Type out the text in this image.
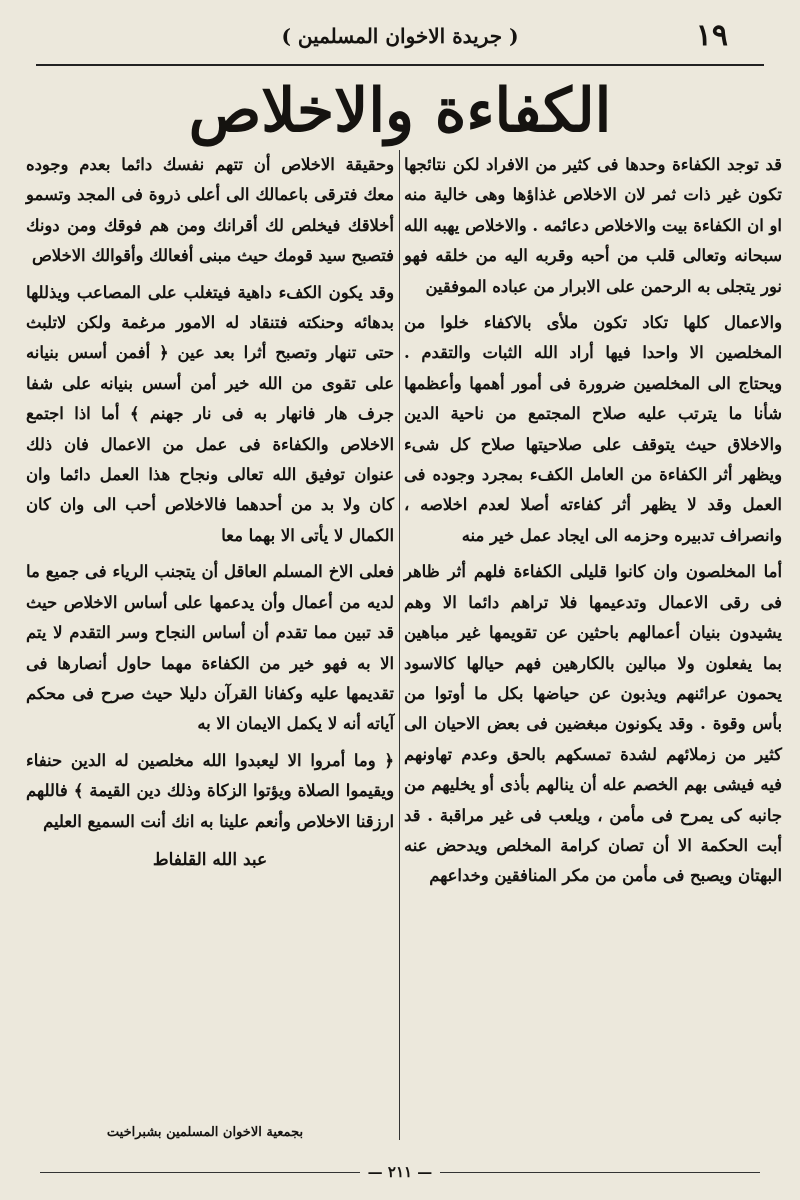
١٩
( جريدة الاخوان المسلمين )
الكفاءة والاخلاص

قد توجد الكفاءة وحدها فى كثير من الافراد لكن نتائجها تكون غير ذات ثمر لان الاخلاص غذاؤها وهى خالية منه او ان الكفاءة بيت والاخلاص دعائمه . والاخلاص يهبه الله سبحانه وتعالى قلب من أحبه وقربه اليه من خلقه فهو نور يتجلى به الرحمن على الابرار من عباده الموفقين

والاعمال كلها تكاد تكون ملأى بالاكفاء خلوا من المخلصين الا واحدا فيها أراد الله الثبات والتقدم . ويحتاج الى المخلصين ضرورة فى أمور أهمها وأعظمها شأنا ما يترتب عليه صلاح المجتمع من ناحية الدين والاخلاق حيث يتوقف على صلاحيتها صلاح كل شىء ويظهر أثر الكفاءة من العامل الكفء بمجرد وجوده فى العمل وقد لا يظهر أثر كفاءته أصلا لعدم اخلاصه ، وانصراف تدبيره وحزمه الى ايجاد عمل خير منه

أما المخلصون وان كانوا قليلى الكفاءة فلهم أثر ظاهر فى رقى الاعمال وتدعيمها فلا تراهم دائما الا وهم يشيدون بنيان أعمالهم باحثين عن تقويمها غير مباهين بما يفعلون ولا مبالين بالكارهين فهم حيالها كالاسود يحمون عرائنهم ويذبون عن حياضها بكل ما أوتوا من بأس وقوة . وقد يكونون مبغضين فى بعض الاحيان الى كثير من زملائهم لشدة تمسكهم بالحق وعدم تهاونهم فيه فيشى بهم الخصم عله أن ينالهم بأذى أو يخليهم من جانبه كى يمرح فى مأمن ، ويلعب فى غير مراقبة . قد أبت الحكمة الا أن تصان كرامة المخلص ويدحض عنه البهتان ويصبح فى مأمن من مكر المنافقين وخداعهم

وحقيقة الاخلاص أن تتهم نفسك دائما بعدم وجوده معك فترقى باعمالك الى أعلى ذروة فى المجد وتسمو أخلاقك فيخلص لك أقرانك ومن هم فوقك ومن دونك فتصبح سيد قومك حيث مبنى أفعالك وأقوالك الاخلاص

وقد يكون الكفء داهية فيتغلب على المصاعب ويذللها بدهائه وحنكته فتنقاد له الامور مرغمة ولكن لاتلبث حتى تنهار وتصبح أثرا بعد عين ﴿ أفمن أسس بنيانه على تقوى من الله خير أمن أسس بنيانه على شفا جرف هار فانهار به فى نار جهنم ﴾ أما اذا اجتمع الاخلاص والكفاءة فى عمل من الاعمال فان ذلك عنوان توفيق الله تعالى ونجاح هذا العمل دائما وان كان ولا بد من أحدهما فالاخلاص أحب الى وان كان الكمال لا يأتى الا بهما معا

فعلى الاخ المسلم العاقل أن يتجنب الرياء فى جميع ما لديه من أعمال وأن يدعمها على أساس الاخلاص حيث قد تبين مما تقدم أن أساس النجاح وسر التقدم لا يتم الا به فهو خير من الكفاءة مهما حاول أنصارها فى تقديمها عليه وكفانا القرآن دليلا حيث صرح فى محكم آياته أنه لا يكمل الايمان الا به

﴿ وما أمروا الا ليعبدوا الله مخلصين له الدين حنفاء ويقيموا الصلاة ويؤتوا الزكاة وذلك دين القيمة ﴾ فاللهم ارزقنا الاخلاص وأنعم علينا به انك أنت السميع العليم

عبد الله القلفاط
بجمعية الاخوان المسلمين بشبراخيت
— ٢١١ —
